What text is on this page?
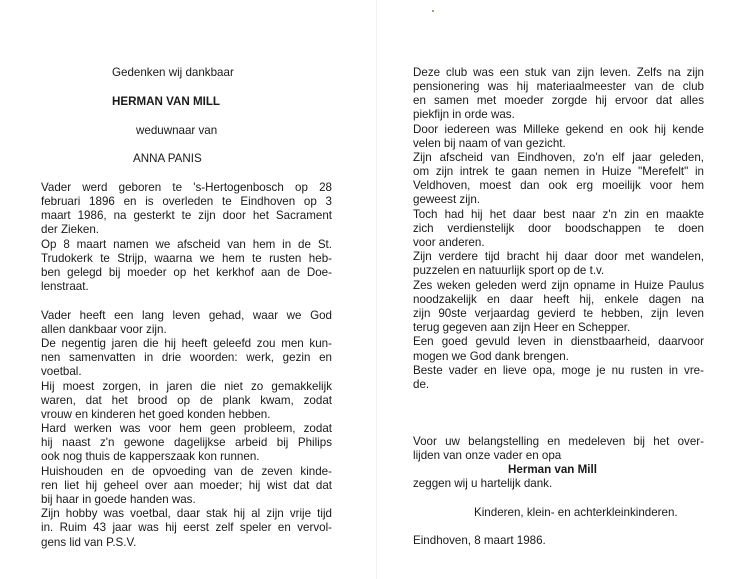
Gedenken wij dankbaar
HERMAN VAN MILL
weduwnaar van
ANNA PANIS
Vader werd geboren te 's-Hertogenbosch op 28
februari 1896 en is overleden te Eindhoven op 3
maart 1986, na gesterkt te zijn door het Sacrament
der Zieken.
Op 8 maart namen we afscheid van hem in de St.
Trudokerk te Strijp, waarna we hem te rusten heb-
ben gelegd bij moeder op het kerkhof aan de Doe-
lenstraat.
Vader heeft een lang leven gehad, waar we God
allen dankbaar voor zijn.
De negentig jaren die hij heeft geleefd zou men kun-
nen samenvatten in drie woorden: werk, gezin en
voetbal.
Hij moest zorgen, in jaren die niet zo gemakkelijk
waren, dat het brood op de plank kwam, zodat
vrouw en kinderen het goed konden hebben.
Hard werken was voor hem geen probleem, zodat
hij naast z'n gewone dagelijkse arbeid bij Philips
ook nog thuis de kapperszaak kon runnen.
Huishouden en de opvoeding van de zeven kinde-
ren liet hij geheel over aan moeder; hij wist dat dat
bij haar in goede handen was.
Zijn hobby was voetbal, daar stak hij al zijn vrije tijd
in. Ruim 43 jaar was hij eerst zelf speler en vervol-
gens lid van P.S.V.
Deze club was een stuk van zijn leven. Zelfs na zijn
pensionering was hij materiaalmeester van de club
en samen met moeder zorgde hij ervoor dat alles
piekfijn in orde was.
Door iedereen was Milleke gekend en ook hij kende
velen bij naam of van gezicht.
Zijn afscheid van Eindhoven, zo'n elf jaar geleden,
om zijn intrek te gaan nemen in Huize "Merefelt" in
Veldhoven, moest dan ook erg moeilijk voor hem
geweest zijn.
Toch had hij het daar best naar z'n zin en maakte
zich verdienstelijk door boodschappen te doen
voor anderen.
Zijn verdere tijd bracht hij daar door met wandelen,
puzzelen en natuurlijk sport op de t.v.
Zes weken geleden werd zijn opname in Huize Paulus
noodzakelijk en daar heeft hij, enkele dagen na
zijn 90ste verjaardag gevierd te hebben, zijn leven
terug gegeven aan zijn Heer en Schepper.
Een goed gevuld leven in dienstbaarheid, daarvoor
mogen we God dank brengen.
Beste vader en lieve opa, moge je nu rusten in vre-
de.
Voor uw belangstelling en medeleven bij het over-
lijden van onze vader en opa
Herman van Mill
zeggen wij u hartelijk dank.
Kinderen, klein- en achterkleinkinderen.
Eindhoven, 8 maart 1986.
